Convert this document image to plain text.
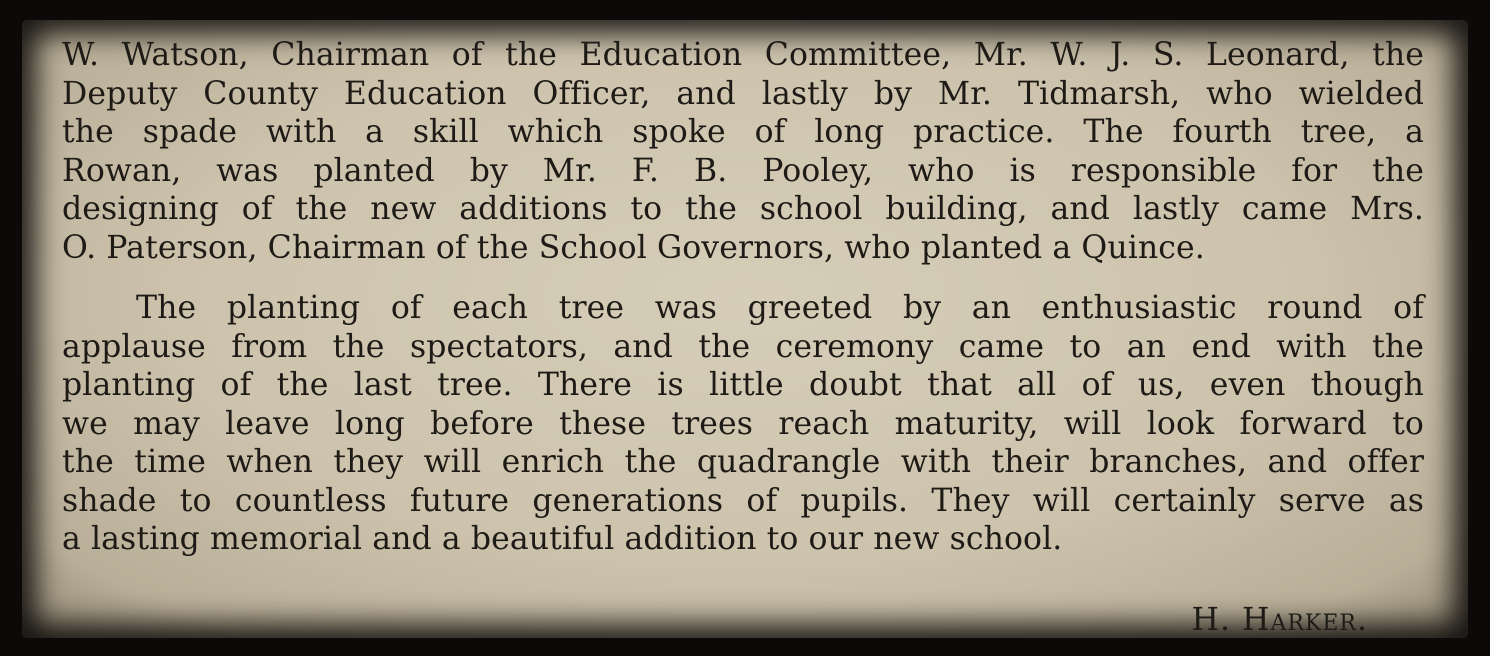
W. Watson, Chairman of the Education Committee, Mr. W. J. S. Leonard, the
Deputy County Education Officer, and lastly by Mr. Tidmarsh, who wielded
the spade with a skill which spoke of long practice. The fourth tree, a
Rowan, was planted by Mr. F. B. Pooley, who is responsible for the
designing of the new additions to the school building, and lastly came Mrs.
O. Paterson, Chairman of the School Governors, who planted a Quince.
The planting of each tree was greeted by an enthusiastic round of
applause from the spectators, and the ceremony came to an end with the
planting of the last tree. There is little doubt that all of us, even though
we may leave long before these trees reach maturity, will look forward to
the time when they will enrich the quadrangle with their branches, and offer
shade to countless future generations of pupils. They will certainly serve as
a lasting memorial and a beautiful addition to our new school.
H. Harker.
